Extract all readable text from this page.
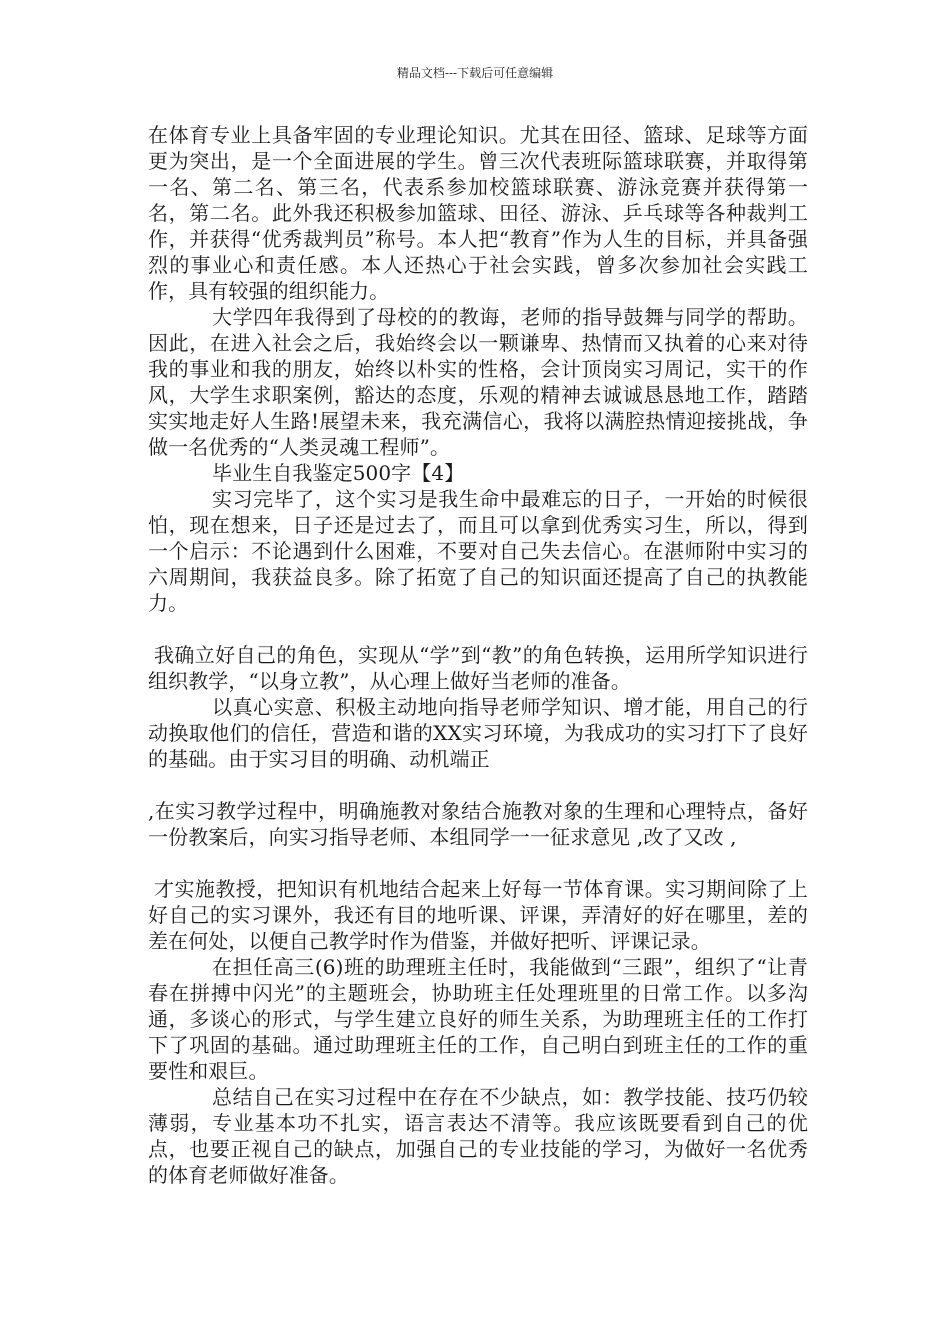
精品文档---下载后可任意编辑

在体育专业上具备牢固的专业理论知识。尤其在田径、篮球、足球等方面更为突出，是一个全面进展的学生。曾三次代表班际篮球联赛，并取得第一名、第二名、第三名，代表系参加校篮球联赛、游泳竞赛并获得第一名，第二名。此外我还积极参加篮球、田径、游泳、乒乓球等各种裁判工作，并获得“优秀裁判员”称号。本人把“教育”作为人生的目标，并具备强烈的事业心和责任感。本人还热心于社会实践，曾多次参加社会实践工作，具有较强的组织能力。

大学四年我得到了母校的的教诲，老师的指导鼓舞与同学的帮助。因此，在进入社会之后，我始终会以一颗谦卑、热情而又执着的心来对待我的事业和我的朋友，始终以朴实的性格，会计顶岗实习周记，实干的作风，大学生求职案例，豁达的态度，乐观的精神去诚诚恳恳地工作，踏踏实实地走好人生路!展望未来，我充满信心，我将以满腔热情迎接挑战，争做一名优秀的“人类灵魂工程师”。

毕业生自我鉴定500字【4】

实习完毕了，这个实习是我生命中最难忘的日子，一开始的时候很怕，现在想来，日子还是过去了，而且可以拿到优秀实习生，所以，得到一个启示：不论遇到什么困难，不要对自己失去信心。在湛师附中实习的六周期间，我获益良多。除了拓宽了自己的知识面还提高了自己的执教能力。

我确立好自己的角色，实现从“学”到“教”的角色转换，运用所学知识进行组织教学，“以身立教”，从心理上做好当老师的准备。

以真心实意、积极主动地向指导老师学知识、增才能，用自己的行动换取他们的信任，营造和谐的XX实习环境，为我成功的实习打下了良好的基础。由于实习目的明确、动机端正

,在实习教学过程中，明确施教对象结合施教对象的生理和心理特点，备好一份教案后，向实习指导老师、本组同学一一征求意见 ,改了又改 ,

才实施教授，把知识有机地结合起来上好每一节体育课。实习期间除了上好自己的实习课外，我还有目的地听课、评课，弄清好的好在哪里，差的差在何处，以便自己教学时作为借鉴，并做好把听、评课记录。

在担任高三(6)班的助理班主任时，我能做到“三跟”，组织了“让青春在拼搏中闪光”的主题班会，协助班主任处理班里的日常工作。以多沟通，多谈心的形式，与学生建立良好的师生关系，为助理班主任的工作打下了巩固的基础。通过助理班主任的工作，自己明白到班主任的工作的重要性和艰巨。

总结自己在实习过程中在存在不少缺点，如：教学技能、技巧仍较薄弱，专业基本功不扎实，语言表达不清等。我应该既要看到自己的优点，也要正视自己的缺点，加强自己的专业技能的学习，为做好一名优秀的体育老师做好准备。
